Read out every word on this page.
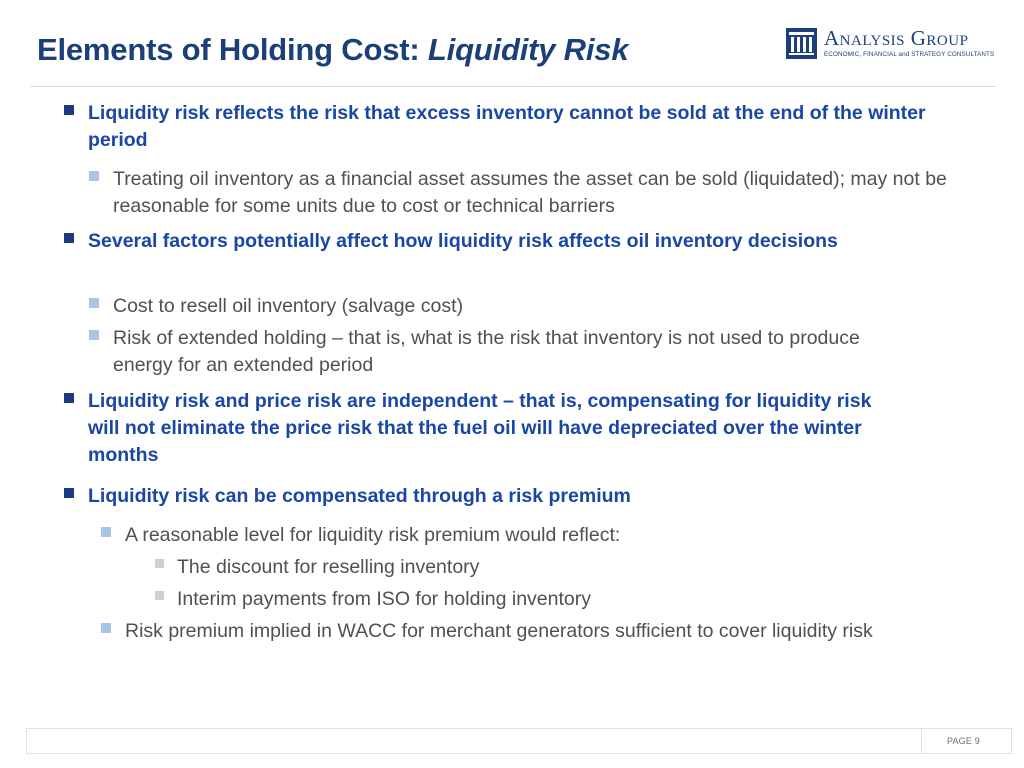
Elements of Holding Cost: Liquidity Risk	Analysis Group
ECONOMIC, FINANCIAL and STRATEGY CONSULTANTS
Liquidity risk reflects the risk that excess inventory cannot be sold at the end of the winter period
Treating oil inventory as a financial asset assumes the asset can be sold (liquidated); may not be reasonable for some units due to cost or technical barriers
Several factors potentially affect how liquidity risk affects oil inventory decisions
Cost to resell oil inventory (salvage cost)
Risk of extended holding – that is, what is the risk that inventory is not used to produce energy for an extended period
Liquidity risk and price risk are independent – that is, compensating for liquidity risk will not eliminate the price risk that the fuel oil will have depreciated over the winter months
Liquidity risk can be compensated through a risk premium
A reasonable level for liquidity risk premium would reflect:
The discount for reselling inventory
Interim payments from ISO for holding inventory
Risk premium implied in WACC for merchant generators sufficient to cover liquidity risk
PAGE 9
